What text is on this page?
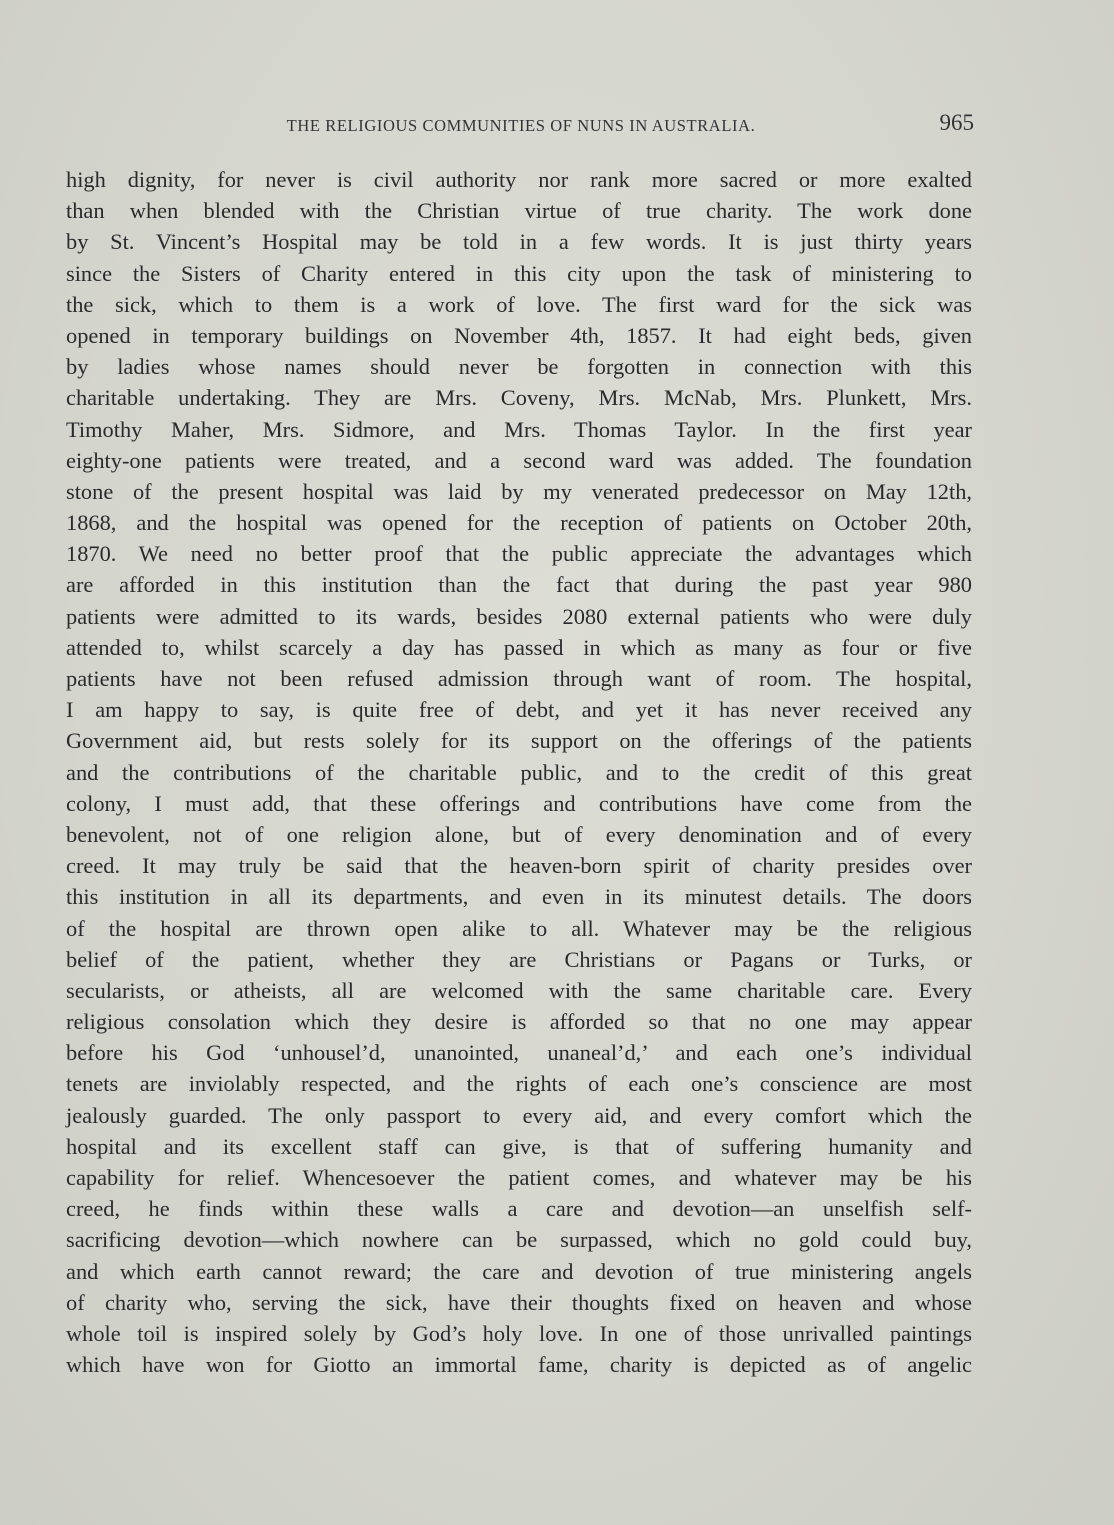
THE RELIGIOUS COMMUNITIES OF NUNS IN AUSTRALIA.	965
high dignity, for never is civil authority nor rank more sacred or more exalted
than when blended with the Christian virtue of true charity. The work done
by St. Vincent’s Hospital may be told in a few words. It is just thirty years
since the Sisters of Charity entered in this city upon the task of ministering to
the sick, which to them is a work of love. The first ward for the sick was
opened in temporary buildings on November 4th, 1857. It had eight beds, given
by ladies whose names should never be forgotten in connection with this
charitable undertaking. They are Mrs. Coveny, Mrs. McNab, Mrs. Plunkett, Mrs.
Timothy Maher, Mrs. Sidmore, and Mrs. Thomas Taylor. In the first year
eighty-one patients were treated, and a second ward was added. The foundation
stone of the present hospital was laid by my venerated predecessor on May 12th,
1868, and the hospital was opened for the reception of patients on October 20th,
1870. We need no better proof that the public appreciate the advantages which
are afforded in this institution than the fact that during the past year 980
patients were admitted to its wards, besides 2080 external patients who were duly
attended to, whilst scarcely a day has passed in which as many as four or five
patients have not been refused admission through want of room. The hospital,
I am happy to say, is quite free of debt, and yet it has never received any
Government aid, but rests solely for its support on the offerings of the patients
and the contributions of the charitable public, and to the credit of this great
colony, I must add, that these offerings and contributions have come from the
benevolent, not of one religion alone, but of every denomination and of every
creed. It may truly be said that the heaven-born spirit of charity presides over
this institution in all its departments, and even in its minutest details. The doors
of the hospital are thrown open alike to all. Whatever may be the religious
belief of the patient, whether they are Christians or Pagans or Turks, or
secularists, or atheists, all are welcomed with the same charitable care. Every
religious consolation which they desire is afforded so that no one may appear
before his God ‘unhousel’d, unanointed, unaneal’d,’ and each one’s individual
tenets are inviolably respected, and the rights of each one’s conscience are most
jealously guarded. The only passport to every aid, and every comfort which the
hospital and its excellent staff can give, is that of suffering humanity and
capability for relief. Whencesoever the patient comes, and whatever may be his
creed, he finds within these walls a care and devotion—an unselfish self-
sacrificing devotion—which nowhere can be surpassed, which no gold could buy,
and which earth cannot reward; the care and devotion of true ministering angels
of charity who, serving the sick, have their thoughts fixed on heaven and whose
whole toil is inspired solely by God’s holy love. In one of those unrivalled paintings
which have won for Giotto an immortal fame, charity is depicted as of angelic
